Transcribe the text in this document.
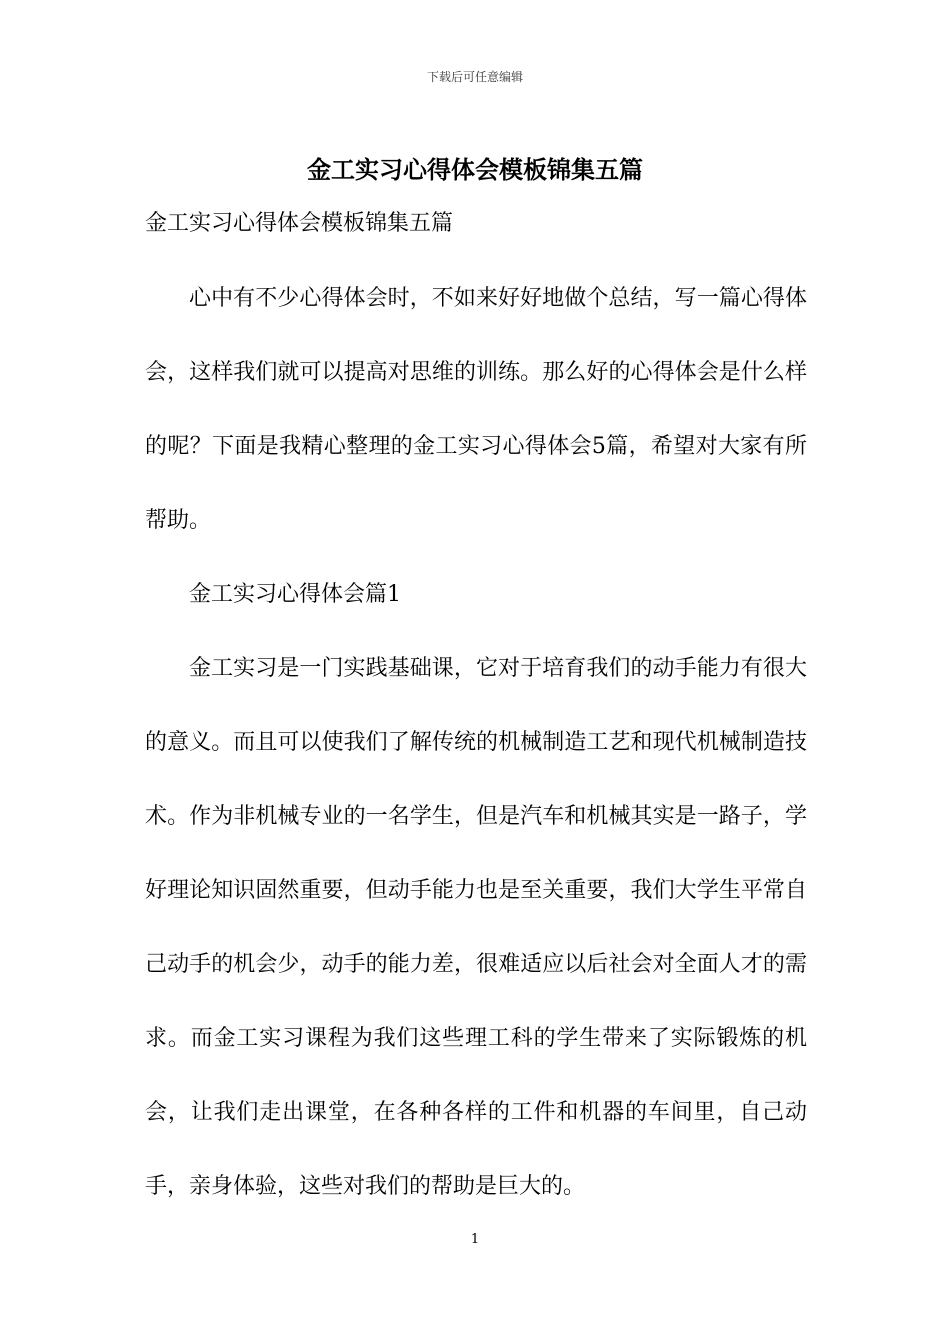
下载后可任意编辑
金工实习心得体会模板锦集五篇

金工实习心得体会模板锦集五篇

心中有不少心得体会时，不如来好好地做个总结，写一篇心得体会，这样我们就可以提高对思维的训练。那么好的心得体会是什么样的呢？下面是我精心整理的金工实习心得体会5篇，希望对大家有所帮助。

金工实习心得体会篇1

金工实习是一门实践基础课，它对于培育我们的动手能力有很大的意义。而且可以使我们了解传统的机械制造工艺和现代机械制造技术。作为非机械专业的一名学生，但是汽车和机械其实是一路子，学好理论知识固然重要，但动手能力也是至关重要，我们大学生平常自己动手的机会少，动手的能力差，很难适应以后社会对全面人才的需求。而金工实习课程为我们这些理工科的学生带来了实际锻炼的机会，让我们走出课堂，在各种各样的工件和机器的车间里，自己动手，亲身体验，这些对我们的帮助是巨大的。

1
